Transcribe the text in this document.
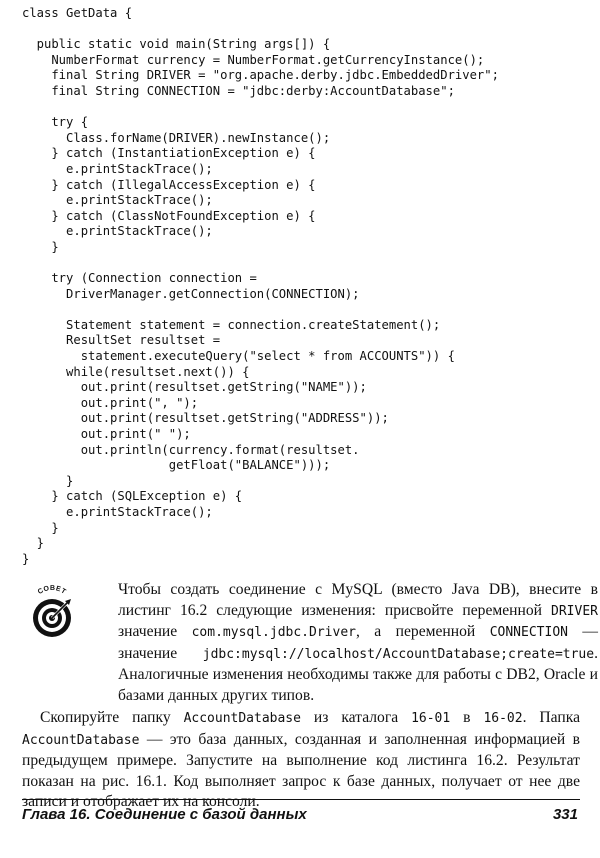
class GetData {
public static void main(String args[]) {
NumberFormat currency = NumberFormat.getCurrencyInstance();
final String DRIVER = "org.apache.derby.jdbc.EmbeddedDriver";
final String CONNECTION = "jdbc:derby:AccountDatabase";
try {
Class.forName(DRIVER).newInstance();
} catch (InstantiationException e) {
e.printStackTrace();
} catch (IllegalAccessException e) {
e.printStackTrace();
} catch (ClassNotFoundException e) {
e.printStackTrace();
}
try (Connection connection =
DriverManager.getConnection(CONNECTION);
Statement statement = connection.createStatement();
ResultSet resultset =
statement.executeQuery("select * from ACCOUNTS")) {
while(resultset.next()) {
out.print(resultset.getString("NAME"));
out.print(", ");
out.print(resultset.getString("ADDRESS"));
out.print(" ");
out.println(currency.format(resultset.
getFloat("BALANCE")));
}
} catch (SQLException e) {
e.printStackTrace();
}
}
}
СОВЕТ	Чтобы создать соединение с MySQL (вместо Java DB), внесите в листинг 16.2 следующие изменения: присвойте переменной DRIVER значение com.mysql.jdbc.Driver, а переменной CONNECTION — значение jdbc:mysql://localhost/AccountDatabase;create=true. Аналогичные изменения необходимы также для работы с DB2, Oracle и базами данных других типов.

Скопируйте папку AccountDatabase из каталога 16-01 в 16-02. Папка AccountDatabase — это база данных, созданная и заполненная информацией в предыдущем примере. Запустите на выполнение код листинга 16.2. Результат показан на рис. 16.1. Код выполняет запрос к базе данных, получает от нее две записи и отображает их на консоли.

Глава 16. Соединение с базой данных	331
